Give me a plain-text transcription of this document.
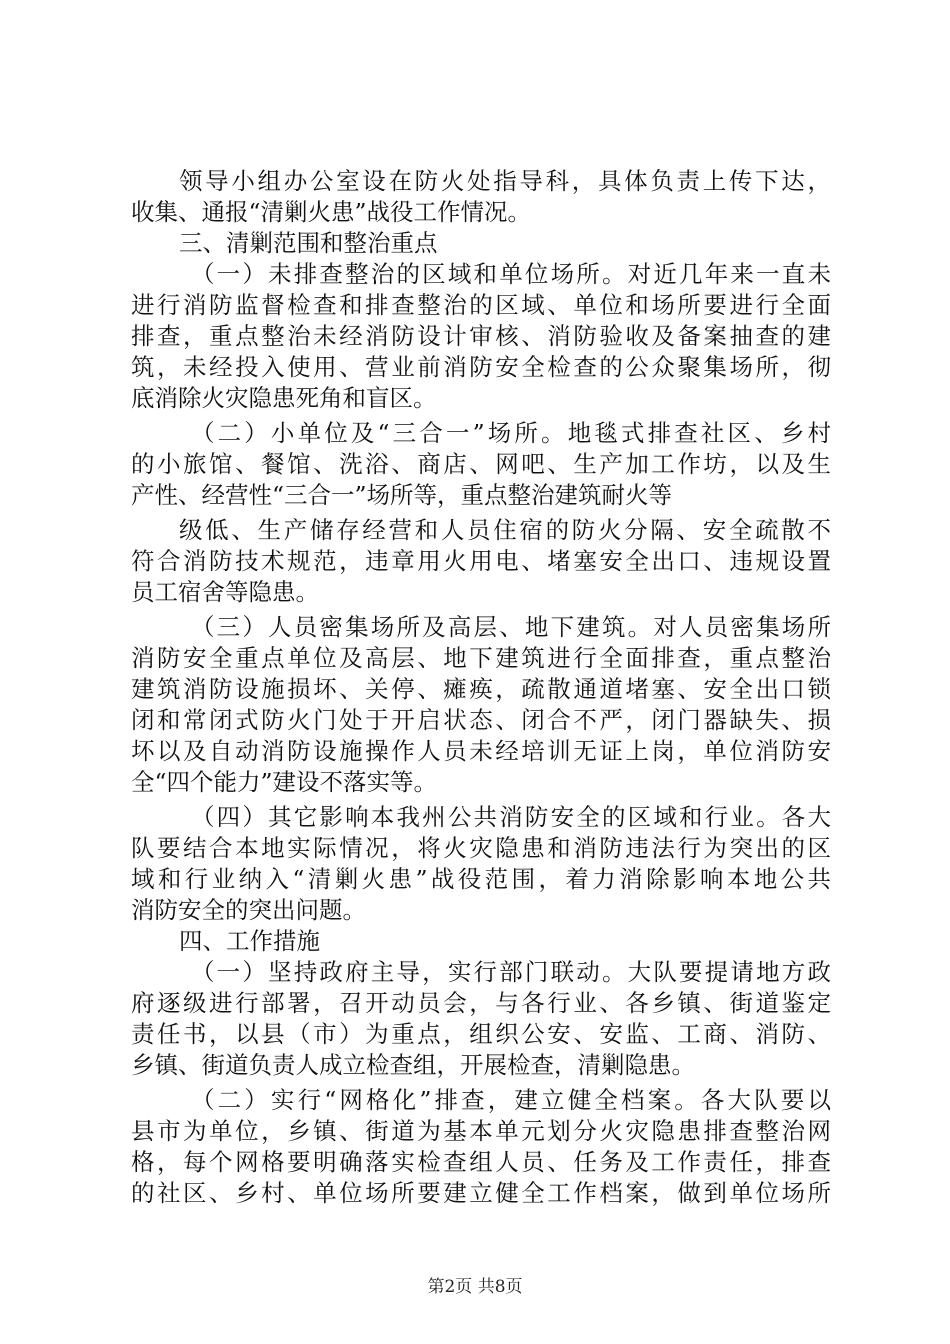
领导小组办公室设在防火处指导科，具体负责上传下达，
收集、通报“清剿火患”战役工作情况。
三、清剿范围和整治重点
（一）未排查整治的区域和单位场所。对近几年来一直未
进行消防监督检查和排查整治的区域、单位和场所要进行全面
排查，重点整治未经消防设计审核、消防验收及备案抽查的建
筑，未经投入使用、营业前消防安全检查的公众聚集场所，彻
底消除火灾隐患死角和盲区。
（二）小单位及“三合一”场所。地毯式排查社区、乡村
的小旅馆、餐馆、洗浴、商店、网吧、生产加工作坊，以及生
产性、经营性“三合一”场所等，重点整治建筑耐火等
级低、生产储存经营和人员住宿的防火分隔、安全疏散不
符合消防技术规范，违章用火用电、堵塞安全出口、违规设置
员工宿舍等隐患。
（三）人员密集场所及高层、地下建筑。对人员密集场所
消防安全重点单位及高层、地下建筑进行全面排查，重点整治
建筑消防设施损坏、关停、瘫痪，疏散通道堵塞、安全出口锁
闭和常闭式防火门处于开启状态、闭合不严，闭门器缺失、损
坏以及自动消防设施操作人员未经培训无证上岗，单位消防安
全“四个能力”建设不落实等。
（四）其它影响本我州公共消防安全的区域和行业。各大
队要结合本地实际情况，将火灾隐患和消防违法行为突出的区
域和行业纳入“清剿火患”战役范围，着力消除影响本地公共
消防安全的突出问题。
四、工作措施
（一）坚持政府主导，实行部门联动。大队要提请地方政
府逐级进行部署，召开动员会，与各行业、各乡镇、街道鉴定
责任书，以县（市）为重点，组织公安、安监、工商、消防、
乡镇、街道负责人成立检查组，开展检查，清剿隐患。
（二）实行“网格化”排查，建立健全档案。各大队要以
县市为单位，乡镇、街道为基本单元划分火灾隐患排查整治网
格，每个网格要明确落实检查组人员、任务及工作责任，排查
的社区、乡村、单位场所要建立健全工作档案，做到单位场所
第2页 共8页
